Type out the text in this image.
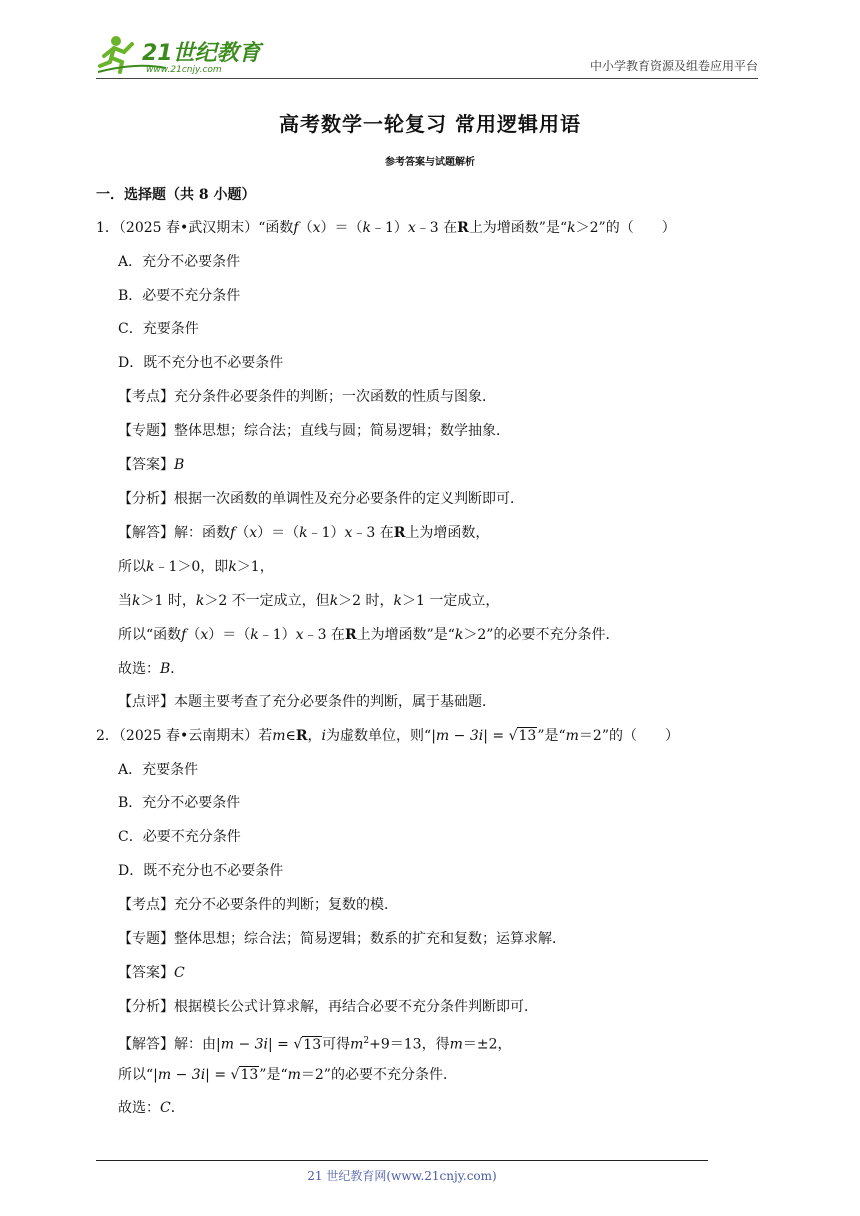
21世纪教育
www.21cnjy.com	中小学教育资源及组卷应用平台
高考数学一轮复习 常用逻辑用语
参考答案与试题解析
一．选择题（共 8 小题）
1．（2025 春•武汉期末）“函数f（x）＝（k﹣1）x﹣3 在R上为增函数”是“k＞2”的（　　）
A．充分不必要条件
B．必要不充分条件
C．充要条件
D．既不充分也不必要条件
【考点】充分条件必要条件的判断；一次函数的性质与图象．
【专题】整体思想；综合法；直线与圆；简易逻辑；数学抽象．
【答案】B
【分析】根据一次函数的单调性及充分必要条件的定义判断即可．
【解答】解：函数f（x）＝（k﹣1）x﹣3 在R上为增函数，
所以k﹣1＞0，即k＞1，
当k＞1 时，k＞2 不一定成立，但k＞2 时，k＞1 一定成立，
所以“函数f（x）＝（k﹣1）x﹣3 在R上为增函数”是“k＞2”的必要不充分条件．
故选：B．
【点评】本题主要考查了充分必要条件的判断，属于基础题．
2．（2025 春•云南期末）若m∈R，i为虚数单位，则“|m − 3i| = √13”是“m＝2”的（　　）
A．充要条件
B．充分不必要条件
C．必要不充分条件
D．既不充分也不必要条件
【考点】充分不必要条件的判断；复数的模．
【专题】整体思想；综合法；简易逻辑；数系的扩充和复数；运算求解．
【答案】C
【分析】根据模长公式计算求解，再结合必要不充分条件判断即可．
【解答】解：由|m − 3i| = √13可得$m^2+9=13$，得m＝±2，
所以“|m − 3i| = √13”是“m＝2”的必要不充分条件．
故选：C．
21 世纪教育网(www.21cnjy.com)
